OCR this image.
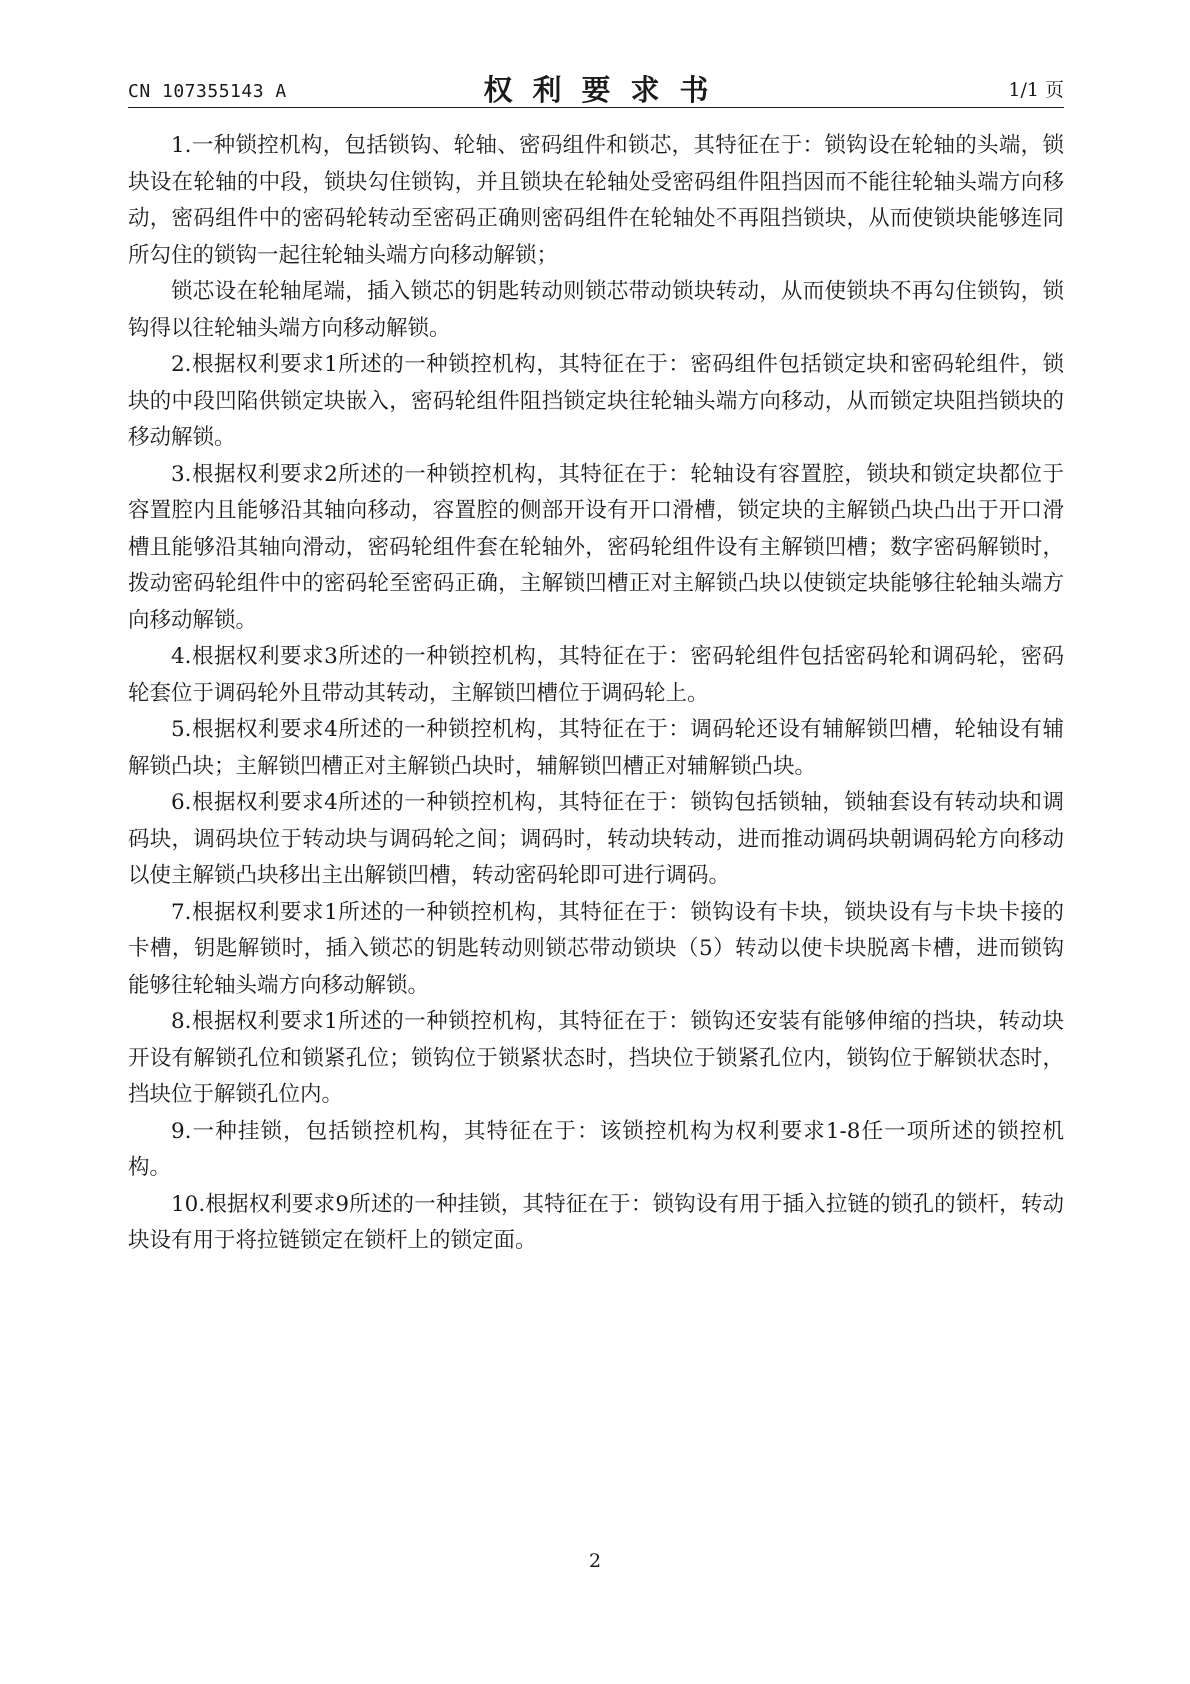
CN 107355143 A	权利要求书	1/1 页

1.一种锁控机构，包括锁钩、轮轴、密码组件和锁芯，其特征在于：锁钩设在轮轴的头端，锁块设在轮轴的中段，锁块勾住锁钩，并且锁块在轮轴处受密码组件阻挡因而不能往轮轴头端方向移动，密码组件中的密码轮转动至密码正确则密码组件在轮轴处不再阻挡锁块，从而使锁块能够连同所勾住的锁钩一起往轮轴头端方向移动解锁；

锁芯设在轮轴尾端，插入锁芯的钥匙转动则锁芯带动锁块转动，从而使锁块不再勾住锁钩，锁钩得以往轮轴头端方向移动解锁。

2.根据权利要求1所述的一种锁控机构，其特征在于：密码组件包括锁定块和密码轮组件，锁块的中段凹陷供锁定块嵌入，密码轮组件阻挡锁定块往轮轴头端方向移动，从而锁定块阻挡锁块的移动解锁。

3.根据权利要求2所述的一种锁控机构，其特征在于：轮轴设有容置腔，锁块和锁定块都位于容置腔内且能够沿其轴向移动，容置腔的侧部开设有开口滑槽，锁定块的主解锁凸块凸出于开口滑槽且能够沿其轴向滑动，密码轮组件套在轮轴外，密码轮组件设有主解锁凹槽；数字密码解锁时，拨动密码轮组件中的密码轮至密码正确，主解锁凹槽正对主解锁凸块以使锁定块能够往轮轴头端方向移动解锁。

4.根据权利要求3所述的一种锁控机构，其特征在于：密码轮组件包括密码轮和调码轮，密码轮套位于调码轮外且带动其转动，主解锁凹槽位于调码轮上。

5.根据权利要求4所述的一种锁控机构，其特征在于：调码轮还设有辅解锁凹槽，轮轴设有辅解锁凸块；主解锁凹槽正对主解锁凸块时，辅解锁凹槽正对辅解锁凸块。

6.根据权利要求4所述的一种锁控机构，其特征在于：锁钩包括锁轴，锁轴套设有转动块和调码块，调码块位于转动块与调码轮之间；调码时，转动块转动，进而推动调码块朝调码轮方向移动以使主解锁凸块移出主出解锁凹槽，转动密码轮即可进行调码。

7.根据权利要求1所述的一种锁控机构，其特征在于：锁钩设有卡块，锁块设有与卡块卡接的卡槽，钥匙解锁时，插入锁芯的钥匙转动则锁芯带动锁块（5）转动以使卡块脱离卡槽，进而锁钩能够往轮轴头端方向移动解锁。

8.根据权利要求1所述的一种锁控机构，其特征在于：锁钩还安装有能够伸缩的挡块，转动块开设有解锁孔位和锁紧孔位；锁钩位于锁紧状态时，挡块位于锁紧孔位内，锁钩位于解锁状态时，挡块位于解锁孔位内。

9.一种挂锁，包括锁控机构，其特征在于：该锁控机构为权利要求1-8任一项所述的锁控机构。

10.根据权利要求9所述的一种挂锁，其特征在于：锁钩设有用于插入拉链的锁孔的锁杆，转动块设有用于将拉链锁定在锁杆上的锁定面。

2
